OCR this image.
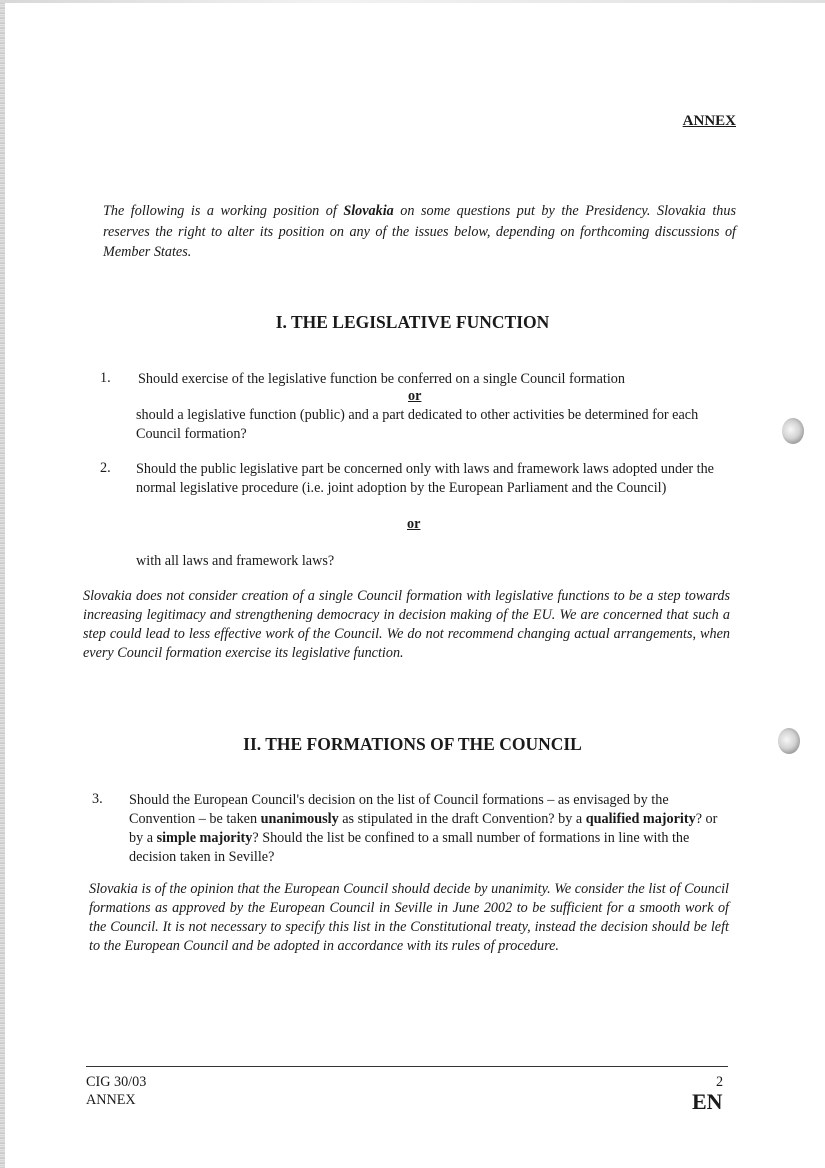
ANNEX
The following is a working position of Slovakia on some questions put by the Presidency. Slovakia thus reserves the right to alter its position on any of the issues below, depending on forthcoming discussions of Member States.
I. THE LEGISLATIVE FUNCTION
1. Should exercise of the legislative function be conferred on a single Council formation
or
should a legislative function (public) and a part dedicated to other activities be determined for each Council formation?
2. Should the public legislative part be concerned only with laws and framework laws adopted under the normal legislative procedure (i.e. joint adoption by the European Parliament and the Council)
or
with all laws and framework laws?
Slovakia does not consider creation of a single Council formation with legislative functions to be a step towards increasing legitimacy and strengthening democracy in decision making of the EU. We are concerned that such a step could lead to less effective work of the Council. We do not recommend changing actual arrangements, when every Council formation exercise its legislative function.
II. THE FORMATIONS OF THE COUNCIL
3. Should the European Council's decision on the list of Council formations – as envisaged by the Convention – be taken unanimously as stipulated in the draft Convention? by a qualified majority? or by a simple majority? Should the list be confined to a small number of formations in line with the decision taken in Seville?
Slovakia is of the opinion that the European Council should decide by unanimity. We consider the list of Council formations as approved by the European Council in Seville in June 2002 to be sufficient for a smooth work of the Council. It is not necessary to specify this list in the Constitutional treaty, instead the decision should be left to the European Council and be adopted in accordance with its rules of procedure.
CIG 30/03
ANNEX
2
EN
